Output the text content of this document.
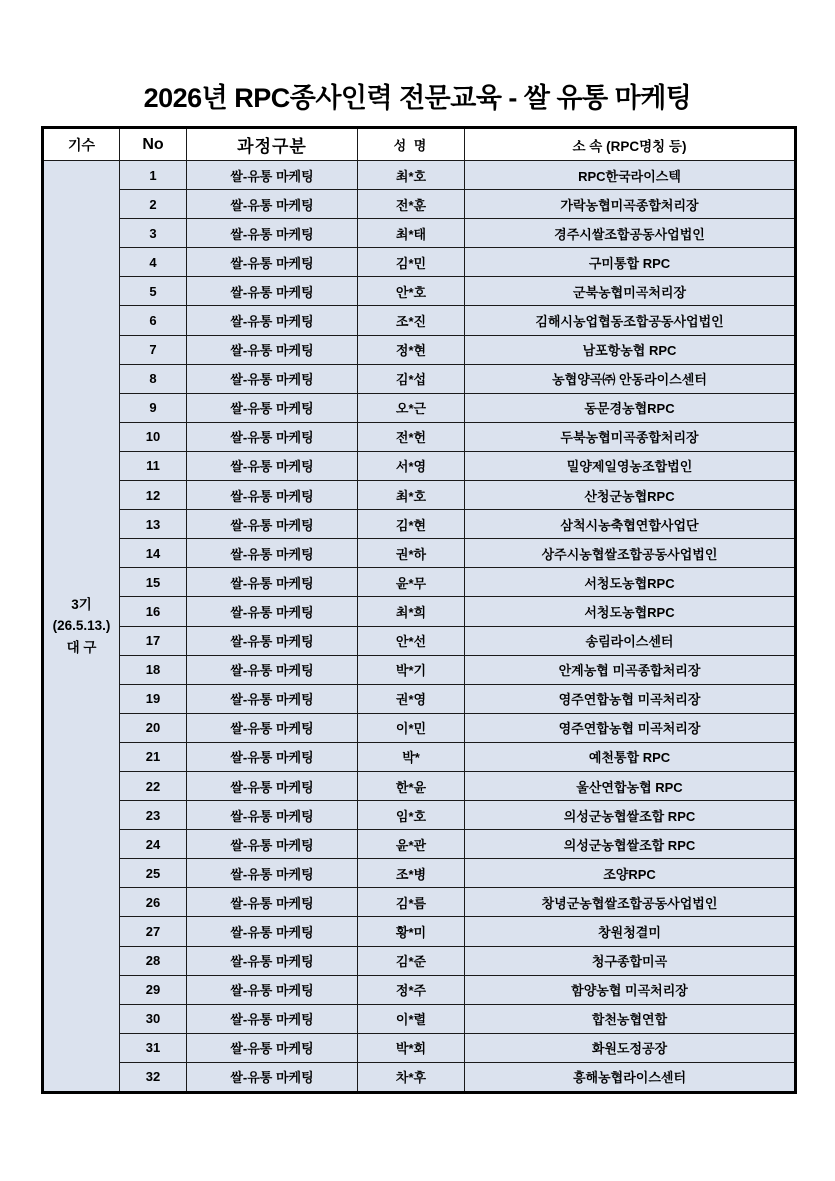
2026년 RPC종사인력 전문교육 - 쌀 유통 마케팅
기수	No	과정구분	성 명	소 속 (RPC명칭 등)

3기
(26.5.13.)
대 구	1	쌀-유통 마케팅	최*호	RPC한국라이스텍
	2	쌀-유통 마케팅	전*훈	가락농협미곡종합처리장
	3	쌀-유통 마케팅	최*태	경주시쌀조합공동사업법인
	4	쌀-유통 마케팅	김*민	구미통합 RPC
	5	쌀-유통 마케팅	안*호	군북농협미곡처리장
	6	쌀-유통 마케팅	조*진	김해시농업협동조합공동사업법인
	7	쌀-유통 마케팅	정*현	남포항농협 RPC
	8	쌀-유통 마케팅	김*섭	농협양곡㈜ 안동라이스센터
	9	쌀-유통 마케팅	오*근	동문경농협RPC
	10	쌀-유통 마케팅	전*헌	두북농협미곡종합처리장
	11	쌀-유통 마케팅	서*영	밀양제일영농조합법인
	12	쌀-유통 마케팅	최*호	산청군농협RPC
	13	쌀-유통 마케팅	김*현	삼척시농축협연합사업단
	14	쌀-유통 마케팅	권*하	상주시농협쌀조합공동사업법인
	15	쌀-유통 마케팅	윤*무	서청도농협RPC
	16	쌀-유통 마케팅	최*희	서청도농협RPC
	17	쌀-유통 마케팅	안*선	송림라이스센터
	18	쌀-유통 마케팅	박*기	안계농협 미곡종합처리장
	19	쌀-유통 마케팅	권*영	영주연합농협 미곡처리장
	20	쌀-유통 마케팅	이*민	영주연합농협 미곡처리장
	21	쌀-유통 마케팅	박*	예천통합 RPC
	22	쌀-유통 마케팅	한*윤	울산연합농협 RPC
	23	쌀-유통 마케팅	임*호	의성군농협쌀조합 RPC
	24	쌀-유통 마케팅	윤*관	의성군농협쌀조합 RPC
	25	쌀-유통 마케팅	조*병	조양RPC
	26	쌀-유통 마케팅	김*름	창녕군농협쌀조합공동사업법인
	27	쌀-유통 마케팅	황*미	창원청결미
	28	쌀-유통 마케팅	김*준	청구종합미곡
	29	쌀-유통 마케팅	정*주	함양농협 미곡처리장
	30	쌀-유통 마케팅	이*렬	합천농협연합
	31	쌀-유통 마케팅	박*회	화원도정공장
	32	쌀-유통 마케팅	차*후	흥해농협라이스센터
